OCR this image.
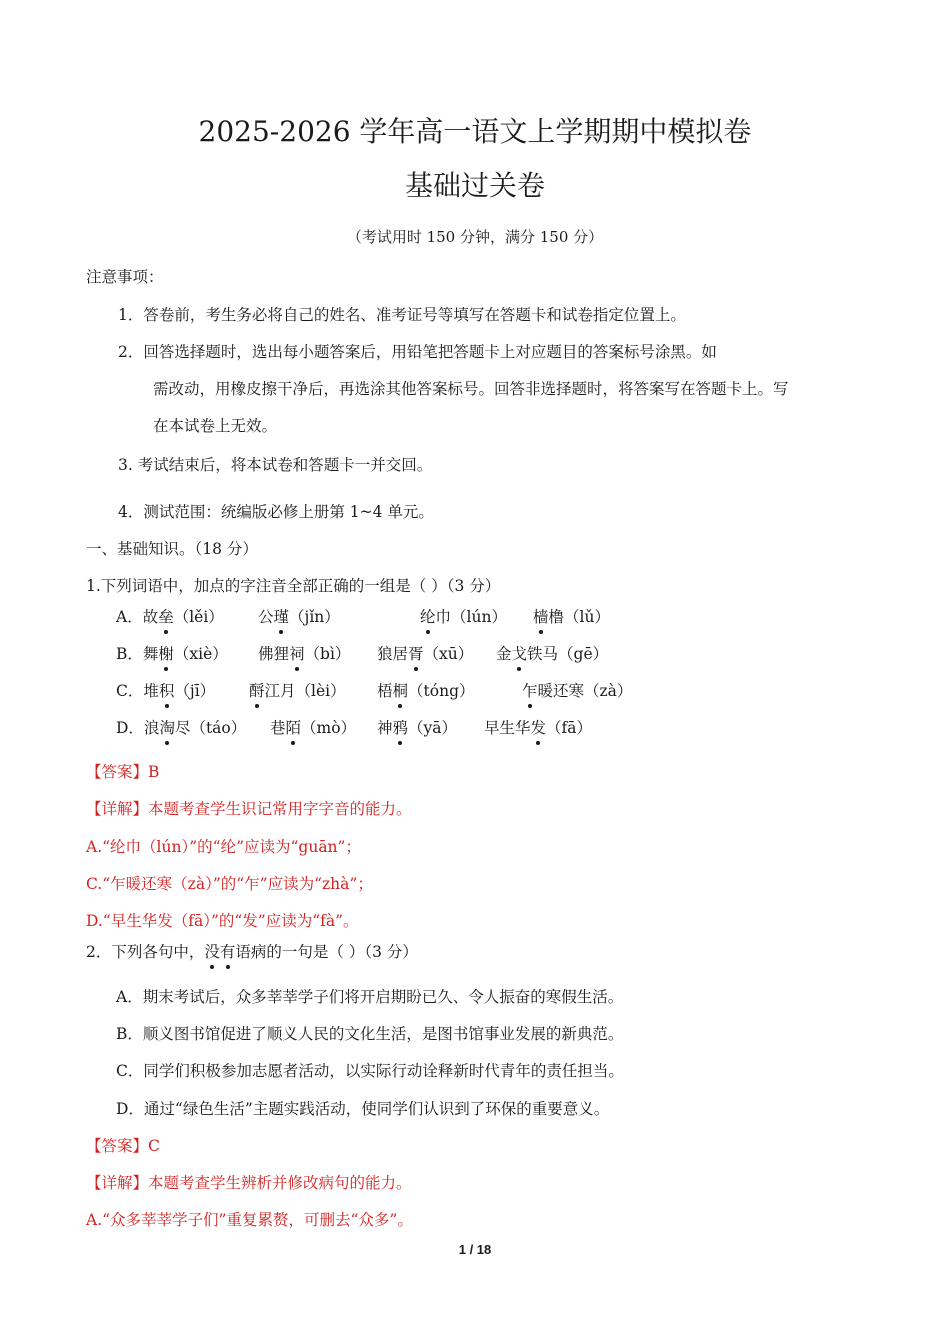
2025-2026 学年高一语文上学期期中模拟卷
基础过关卷
（考试用时 150 分钟，满分 150 分）
注意事项：
1．答卷前，考生务必将自己的姓名、准考证号等填写在答题卡和试卷指定位置上。
2．回答选择题时，选出每小题答案后，用铅笔把答题卡上对应题目的答案标号涂黑。如
需改动，用橡皮擦干净后，再选涂其他答案标号。回答非选择题时，将答案写在答题卡上。写
在本试卷上无效。
3. 考试结束后，将本试卷和答题卡一并交回。
4．测试范围：统编版必修上册第 1~4 单元。
一、基础知识。（18 分）
1.下列词语中，加点的字注音全部正确的一组是（ ）（3 分）
A．故垒（lěi） 公瑾（jǐn）	纶巾（lún） 樯橹（lǔ）
B．舞榭（xiè） 佛狸祠（bì） 狼居胥（xū） 金戈铁马（gē）
C．堆积（jī） 酹江月（lèi） 梧桐（tóng）	乍暖还寒（zà）
D．浪淘尽（táo） 巷陌（mò） 神鸦（yā） 早生华发（fā）
【答案】B
【详解】本题考查学生识记常用字字音的能力。
A.“纶巾（lún）”的“纶”应读为“guān”；
C.“乍暖还寒（zà）”的“乍”应读为“zhà”；
D.“早生华发（fā）”的“发”应读为“fà”。
2．下列各句中，没有语病的一句是（ ）（3 分）
A．期末考试后，众多莘莘学子们将开启期盼已久、令人振奋的寒假生活。
B．顺义图书馆促进了顺义人民的文化生活，是图书馆事业发展的新典范。
C．同学们积极参加志愿者活动，以实际行动诠释新时代青年的责任担当。
D．通过“绿色生活”主题实践活动，使同学们认识到了环保的重要意义。
【答案】C
【详解】本题考查学生辨析并修改病句的能力。
A.“众多莘莘学子们”重复累赘，可删去“众多”。
1 / 18
